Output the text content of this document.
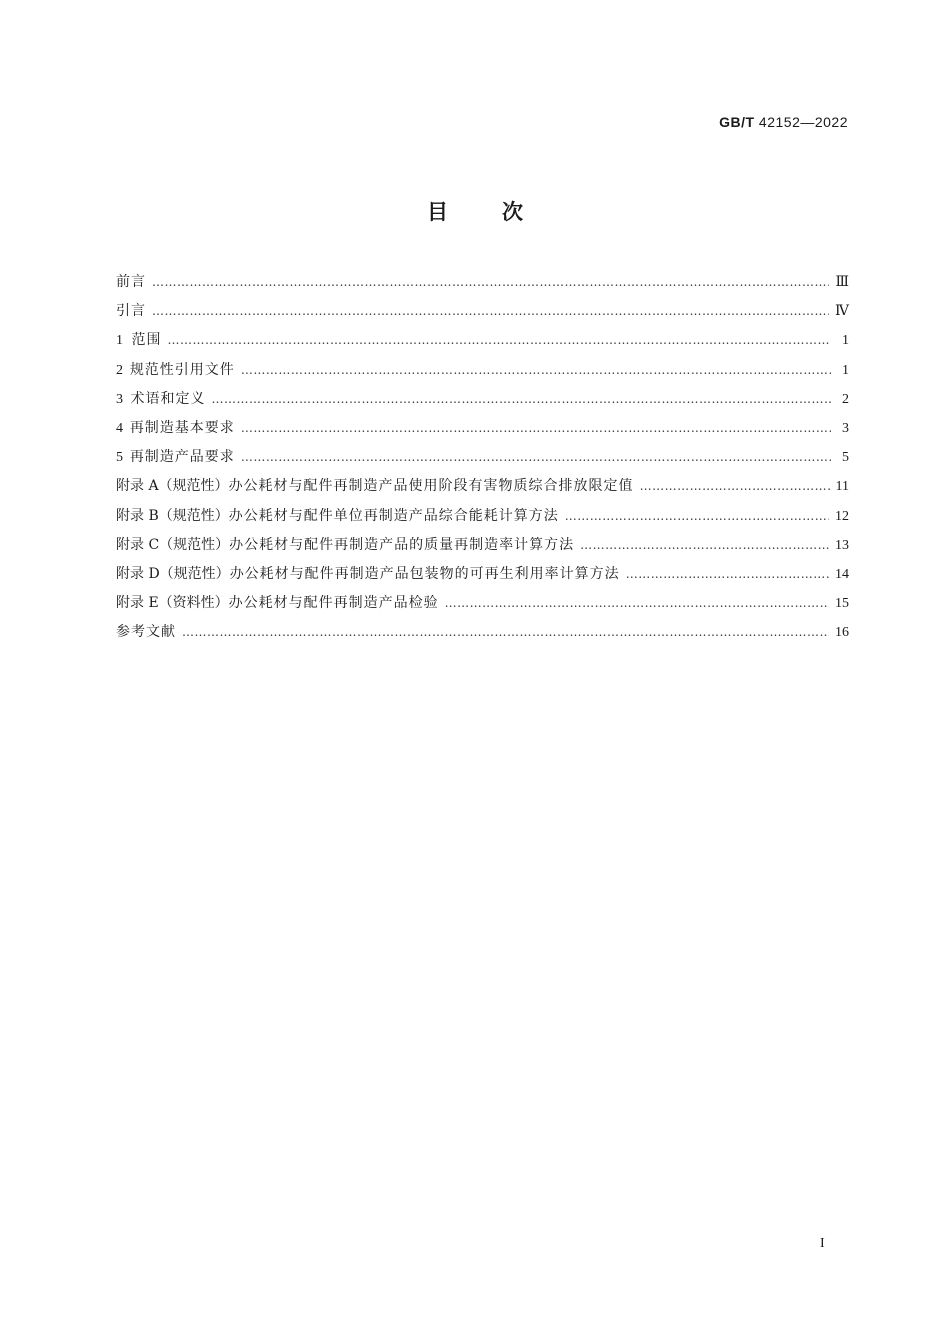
GB/T 42152—2022
目次
前言 …………………………………………………………………………………………………………………………………………………………………………………………………………………………	Ⅲ
引言 …………………………………………………………………………………………………………………………………………………………………………………………………………………………	Ⅳ
1 范围 …………………………………………………………………………………………………………………………………………………………………………………………………………………………	1
2 规范性引用文件 …………………………………………………………………………………………………………………………………………………………………………………………………………………………	1
3 术语和定义 …………………………………………………………………………………………………………………………………………………………………………………………………………………………	2
4 再制造基本要求 …………………………………………………………………………………………………………………………………………………………………………………………………………………………	3
5 再制造产品要求 …………………………………………………………………………………………………………………………………………………………………………………………………………………………	5
附录 A（规范性） 办公耗材与配件再制造产品使用阶段有害物质综合排放限定值 …………………………………………………………………………………………………………………………………………………………………………………………………………………………	11
附录 B（规范性） 办公耗材与配件单位再制造产品综合能耗计算方法 …………………………………………………………………………………………………………………………………………………………………………………………………………………………	12
附录 C（规范性） 办公耗材与配件再制造产品的质量再制造率计算方法 …………………………………………………………………………………………………………………………………………………………………………………………………………………………	13
附录 D（规范性） 办公耗材与配件再制造产品包装物的可再生利用率计算方法 …………………………………………………………………………………………………………………………………………………………………………………………………………………………	14
附录 E（资料性） 办公耗材与配件再制造产品检验 …………………………………………………………………………………………………………………………………………………………………………………………………………………………	15
参考文献 …………………………………………………………………………………………………………………………………………………………………………………………………………………………	16
I
